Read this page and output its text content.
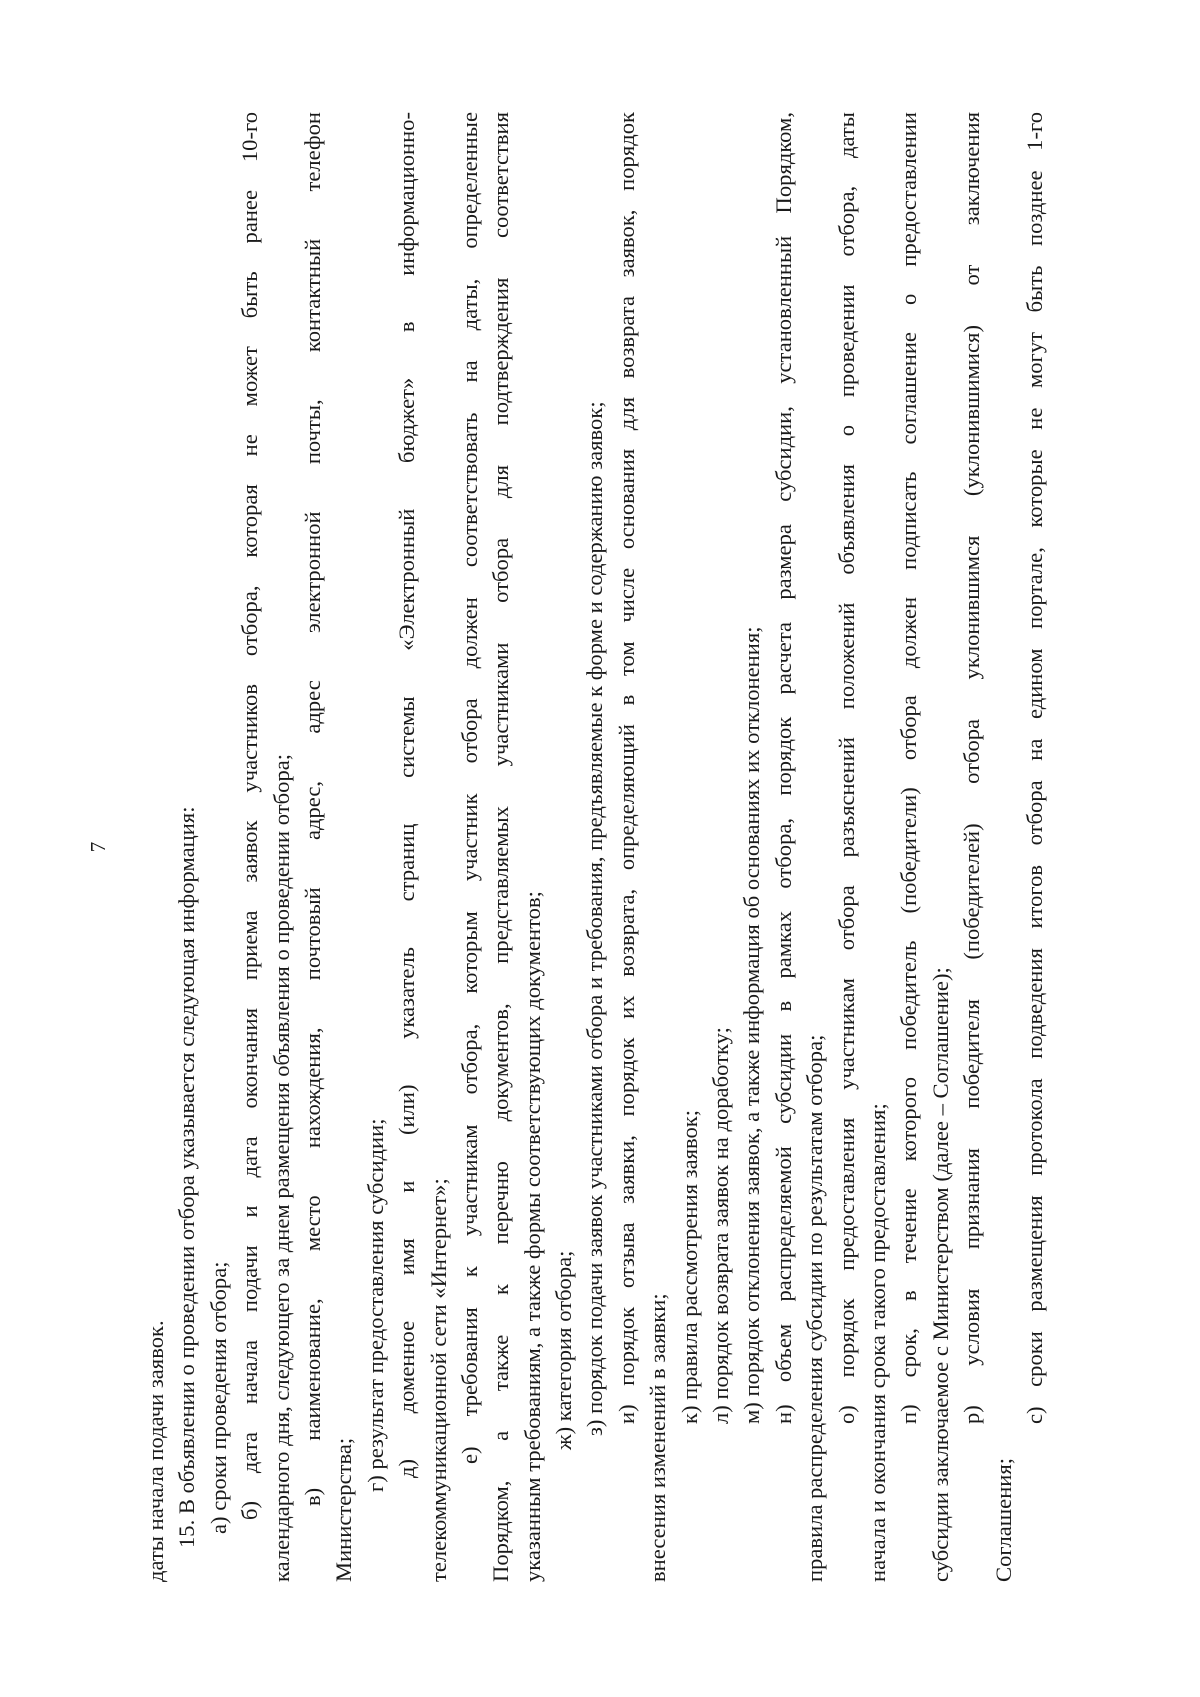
7
даты начала подачи заявок. 15. В объявлении о проведении отбора указывается следующая информация: а) сроки проведения отбора; б) дата начала подачи и дата окончания приема заявок участников отбора, которая не может быть ранее 10-го календарного дня, следующего за днем размещения объявления о проведении отбора; в) наименование, место нахождения, почтовый адрес, адрес электронной почты, контактный телефон
Министерства;
г) результат предоставления субсидии; д) доменное имя и (или) указатель страниц системы «Электронный бюджет» в информационно- телекоммуникационной сети «Интернет»; е) требования к участникам отбора, которым участник отбора должен соответствовать на даты, определенные Порядком, а также к перечню документов, представляемых участниками отбора для подтверждения соответствия указанным требованиям, а также формы соответствующих документов; ж) категория отбора; з) порядок подачи заявок участниками отбора и требования, предъявляемые к форме и содержанию заявок; и) порядок отзыва заявки, порядок их возврата, определяющий в том числе основания для возврата заявок, порядок
внесения изменений в заявки;
к) правила рассмотрения заявок; л) порядок возврата заявок на доработку; м) порядок отклонения заявок, а также информация об основаниях их отклонения; н) объем распределяемой субсидии в рамках отбора, порядок расчета размера субсидии, установленный Порядком, правила распределения субсидии по результатам отбора; о) порядок предоставления участникам отбора разъяснений положений объявления о проведении отбора, даты начала и окончания срока такого предоставления; п) срок, в течение которого победитель (победители) отбора должен подписать соглашение о предоставлении субсидии заключаемое с Министерством (далее – Соглашение); р) условия признания победителя (победителей) отбора уклонившимся (уклонившимися) от заключения
Соглашения;
с) сроки размещения протокола подведения итогов отбора на едином портале, которые не могут быть позднее 1-го
